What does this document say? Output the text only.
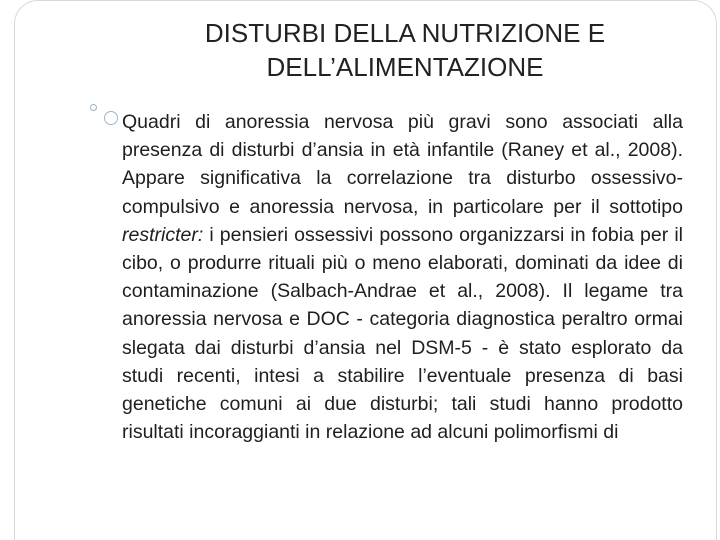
DISTURBI DELLA NUTRIZIONE E
DELL’ALIMENTAZIONE

Quadri di anoressia nervosa più gravi sono associati alla presenza di disturbi d’ansia in età infantile (Raney et al., 2008). Appare significativa la correlazione tra disturbo ossessivo-compulsivo e anoressia nervosa, in particolare per il sottotipo restricter: i pensieri ossessivi possono organizzarsi in fobia per il cibo, o produrre rituali più o meno elaborati, dominati da idee di contaminazione (Salbach-Andrae et al., 2008). Il legame tra anoressia nervosa e DOC - categoria diagnostica peraltro ormai slegata dai disturbi d’ansia nel DSM-5 - è stato esplorato da studi recenti, intesi a stabilire l’eventuale presenza di basi genetiche comuni ai due disturbi; tali studi hanno prodotto risultati incoraggianti in relazione ad alcuni polimorfismi di
